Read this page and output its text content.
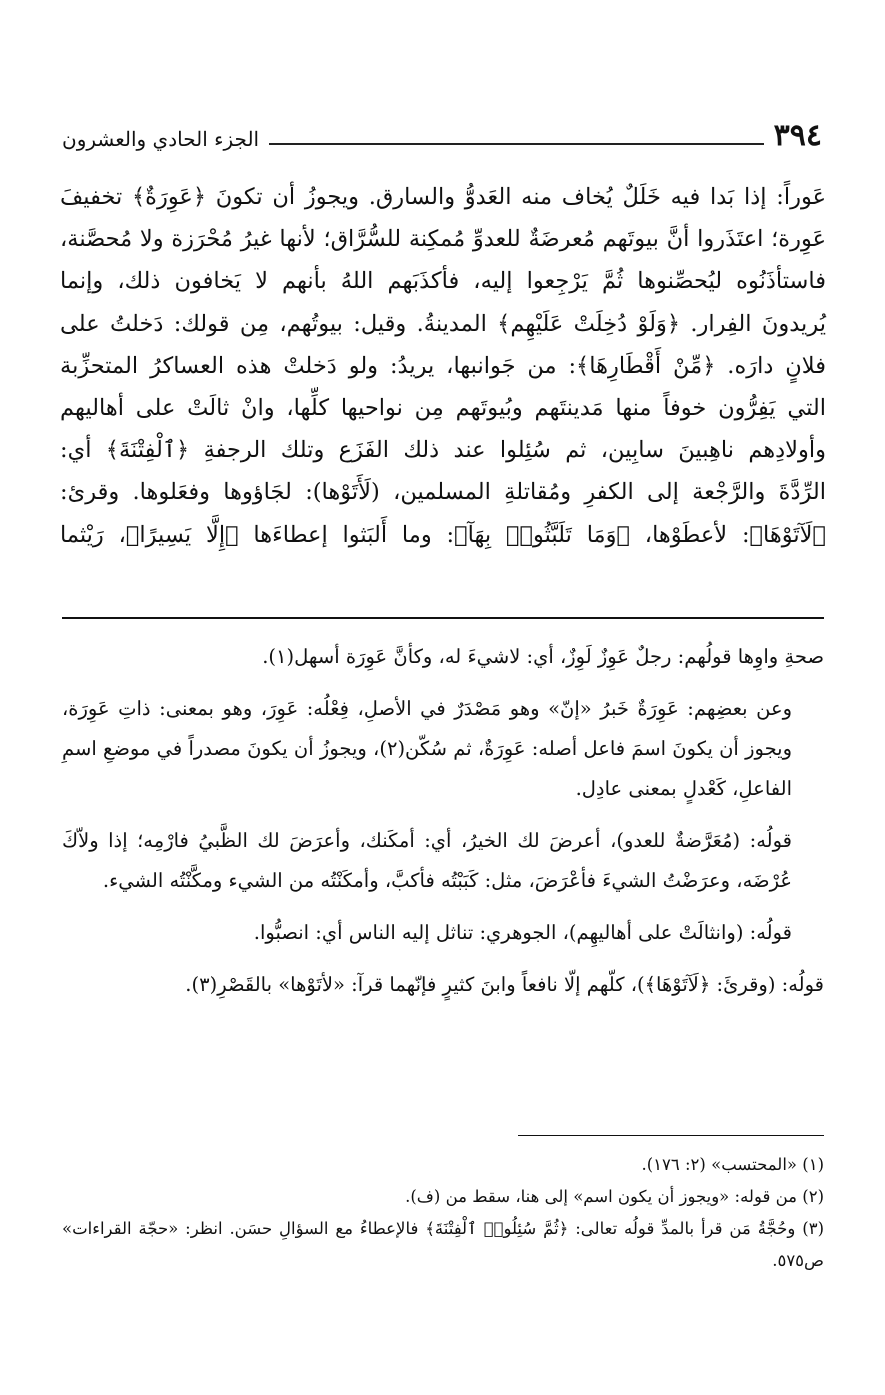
٣٩٤
الجزء الحادي والعشرون
عَوراً: إذا بَدا فيه خَلَلٌ يُخاف منه العَدوُّ والسارق. ويجوزُ أن تكونَ ﴿عَوِرَةٌ﴾ تخفيفَ
عَوِرة؛ اعتَذَروا أنَّ بيوتَهم مُعرضَةٌ للعدوِّ مُمكِنة للسُّرَّاق؛ لأنها غيرُ مُحْرَزة ولا مُحصَّنة،
فاستأذَنُوه ليُحصِّنوها ثُمَّ يَرْجِعوا إليه، فأكذَبَهم اللهُ بأنهم لا يَخافون ذلك، وإنما
يُريدونَ الفِرار. ﴿وَلَوْ دُخِلَتْ عَلَيْهِم﴾ المدينةُ. وقيل: بيوتُهم، مِن قولك: دَخلتُ على
فلانٍ دارَه. ﴿مِّنْ أَقْطَارِهَا﴾: من جَوانبها، يريدُ: ولو دَخلتْ هذه العساكرُ المتحزِّبة
التي يَفِرُّون خوفاً منها مَدينتَهم وبُيوتَهم مِن نواحيها كلِّها، وانْ ثالَتْ على أهاليهم
وأولادِهم ناهِبينَ سابِين، ثم سُئِلوا عند ذلك الفَزَع وتلك الرجفةِ ﴿ٱلْفِتْنَةَ﴾ أي:
الرِّدَّةَ والرَّجْعة إلى الكفرِ ومُقاتلةِ المسلمين، (لَأَتَوْها): لجَاؤوها وفعَلوها. وقرئ:
﴿لَآتَوْهَا﴾: لأعطَوْها، ﴿وَمَا تَلَبَّثُوا۟ بِهَآ﴾: وما أَلبَثوا إعطاءَها ﴿إِلَّا يَسِيرًا﴾، رَيْثما

صحةِ واوِها قولُهم: رجلٌ عَوِزٌ لَوِزٌ، أي: لاشيءَ له، وكأنَّ عَوِرَة أسهل(١).

وعن بعضِهم: عَوِرَةٌ خَبرُ «إنّ» وهو مَصْدَرٌ في الأصلِ، فِعْلُه: عَوِرَ، وهو بمعنى: ذاتِ عَوِرَة، ويجوز أن يكونَ اسمَ فاعل أصله: عَوِرَةٌ، ثم سُكّن(٢)، ويجوزُ أن يكونَ مصدراً في موضعِ اسمِ الفاعلِ، كَعْدلٍ بمعنى عادِل.

قولُه: (مُعَرَّضةٌ للعدو)، أعرضَ لك الخيرُ، أي: أمكَنك، وأعرَضَ لك الظَّبيُ فارْمِه؛ إذا ولاّكَ عُرْضَه، وعرَضْتُ الشيءَ فأعْرَضَ، مثل: كَبَبْتُه فأكبَّ، وأمكَنْتُه من الشيء ومكَّنْتُه الشيء.

قولُه: (وانثالَتْ على أهاليهِم)، الجوهري: تناثل إليه الناس أي: انصبُّوا.

قولُه: (وقرئَ: ﴿لَآتَوْهَا﴾)، كلّهم إلّا نافعاً وابنَ كثيرٍ فإنّهما قرآ: «لأتَوْها» بالقَصْرِ(٣).

(١) «المحتسب» (٢: ١٧٦).

(٢) من قوله: «ويجوز أن يكون اسم» إلى هنا، سقط من (ف).

(٣) وحُجَّةُ مَن قرأ بالمدِّ قولُه تعالى: ﴿ثُمَّ سُئِلُوا۟ ٱلْفِتْنَةَ﴾ فالإعطاءُ مع السؤالِ حسَن. انظر: «حجّة القراءات» ص٥٧٥.
